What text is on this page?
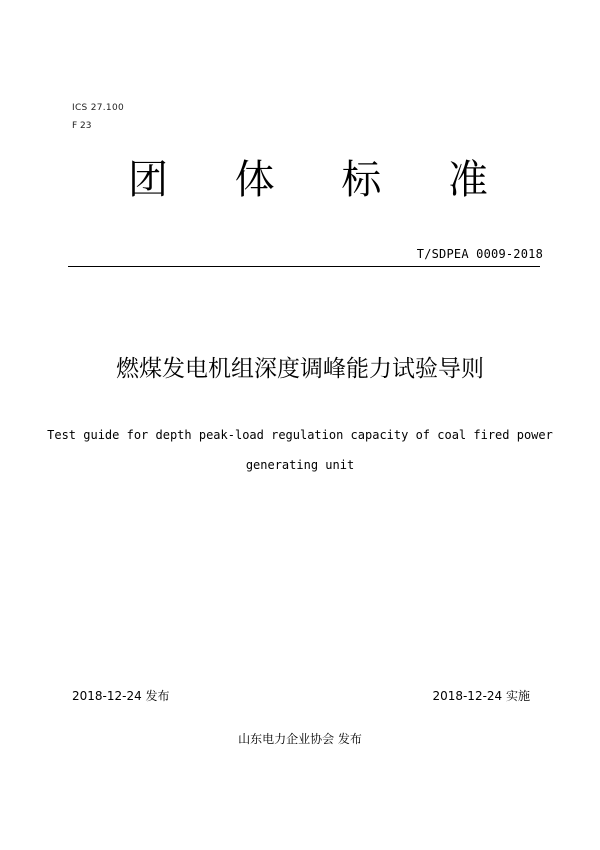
ICS 27.100
F 23
团 体 标 准
T/SDPEA 0009-2018
燃煤发电机组深度调峰能力试验导则
Test guide for depth peak-load regulation capacity of coal fired power
generating unit
2018-12-24 发布	2018-12-24 实施
山东电力企业协会 发布
